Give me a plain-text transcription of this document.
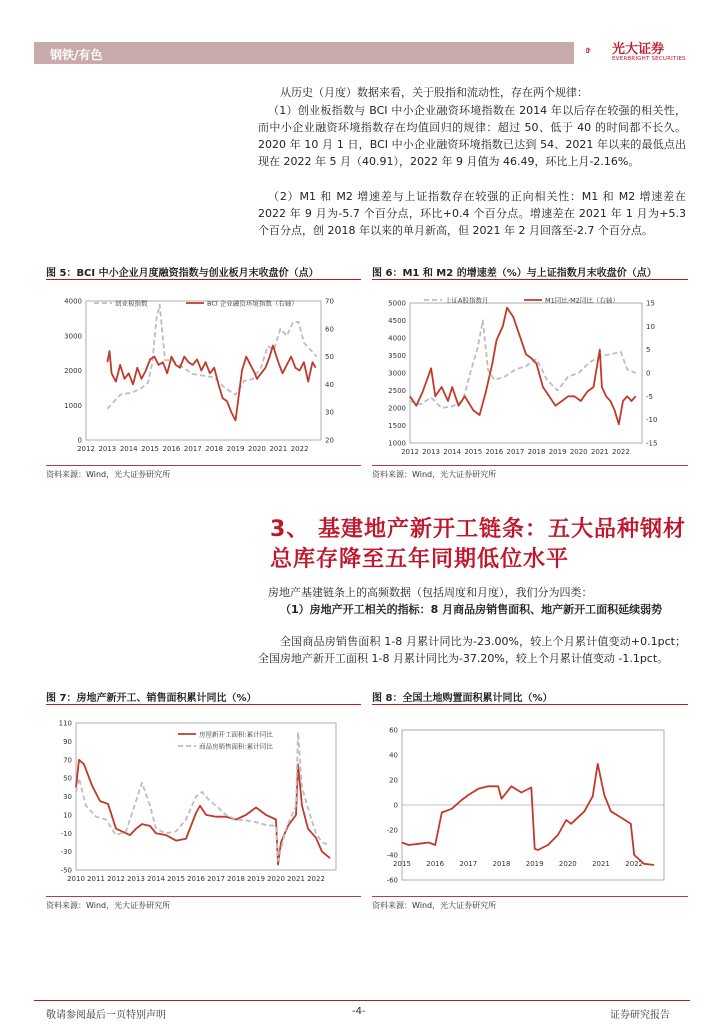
钢铁/有色	光大证券
EVERBRIGHT SECURITIES
从历史（月度）数据来看，关于股指和流动性，存在两个规律：
（1）创业板指数与 BCI 中小企业融资环境指数在 2014 年以后存在较强的相关性，而中小企业融资环境指数存在均值回归的规律：超过 50、低于 40 的时间都不长久。2020 年 10 月 1 日，BCI 中小企业融资环境指数已达到 54、2021 年以来的最低点出现在 2022 年 5 月（40.91），2022 年 9 月值为 46.49，环比上月-2.16%。
（2）M1 和 M2 增速差与上证指数存在较强的正向相关性：M1 和 M2 增速差在 2022 年 9 月为-5.7 个百分点，环比+0.4 个百分点。增速差在 2021 年 1 月为+5.3 个百分点，创 2018 年以来的单月新高，但 2021 年 2 月回落至-2.7 个百分点。
图 5：BCI 中小企业月度融资指数与创业板月末收盘价（点）
2012 2013 2014 2015 2016 2017 2018 2019 2020 2021 2022
0
1000
2000
3000
4000
20
30
40
50
60
70
创业板指数	BCI 企业融资环境指数（右轴）
资料来源：Wind，光大证券研究所
图 6：M1 和 M2 的增速差（%）与上证指数月末收盘价（点）
2012 2013 2014 2015 2016 2017 2018 2019 2020 2021 2022
1000
1500
2000
2500
3000
3500
4000
4500
5000
-15
-10
-5
0
5
10
15
上证A股指数月	M1同比-M2同比（右轴）
资料来源：Wind，光大证券研究所
3、 基建地产新开工链条：五大品种钢材
总库存降至五年同期低位水平
房地产基建链条上的高频数据（包括周度和月度），我们分为四类：
（1）房地产开工相关的指标：8 月商品房销售面积、地产新开工面积延续弱势
全国商品房销售面积 1-8 月累计同比为-23.00%，较上个月累计值变动+0.1pct；全国房地产新开工面积 1-8 月累计同比为-37.20%，较上个月累计值变动 -1.1pct。
图 7：房地产新开工、销售面积累计同比（%）
2010 2011 2012 2013 2014 2015 2016 2017 2018 2019 2020 2021 2022
-50
-30
-10
10
30
50
70
90
110
房屋新开工面积:累计同比
商品房销售面积:累计同比
资料来源：Wind，光大证券研究所
图 8：全国土地购置面积累计同比（%）
2015 2016 2017 2018 2019 2020 2021 2022
-60
-40
-20
0
20
40
60
资料来源：Wind，光大证券研究所
敬请参阅最后一页特别声明	-4-	证券研究报告
